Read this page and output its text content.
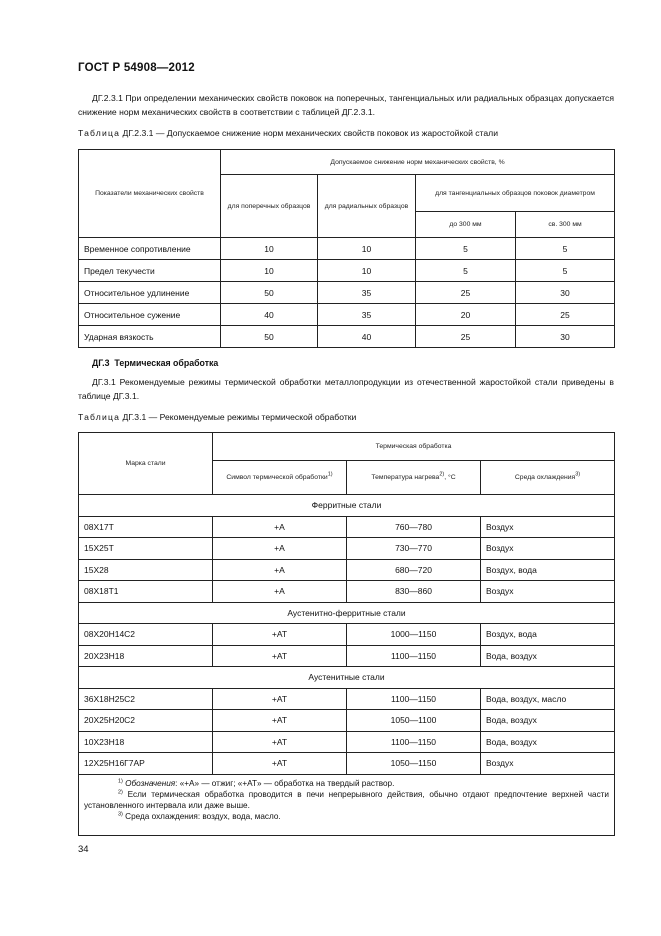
ГОСТ Р 54908—2012
ДГ.2.3.1 При определении механических свойств поковок на поперечных, тангенциальных или радиальных образцах допускается снижение норм механических свойств в соответствии с таблицей ДГ.2.3.1.
Таблица ДГ.2.3.1 — Допускаемое снижение норм механических свойств поковок из жаростойкой стали
Показатели механических свойств	Допускаемое снижение норм механических свойств, %			
	для поперечных образцов	для радиальных образцов	для тангенциальных образцов поковок диаметром	
			до 300 мм	св. 300 мм
Временное сопротивление	10	10	5	5
Предел текучести	10	10	5	5
Относительное удлинение	50	35	25	30
Относительное сужение	40	35	20	25
Ударная вязкость	50	40	25	30
ДГ.3 Термическая обработка
ДГ.3.1 Рекомендуемые режимы термической обработки металлопродукции из отечественной жаростойкой стали приведены в таблице ДГ.3.1.
Таблица ДГ.3.1 — Рекомендуемые режимы термической обработки
Марка стали	Термическая обработка		
	Символ термической обработки$^{1)}$	Температура нагрева$^{2)}$, °С	Среда охлаждения$^{3)}$
Ферритные стали			
08Х17Т	+A	760—780	Воздух
15Х25Т	+A	730—770	Воздух
15Х28	+A	680—720	Воздух, вода
08Х18Т1	+A	830—860	Воздух
Аустенитно-ферритные стали			
08Х20Н14С2	+AT	1000—1150	Воздух, вода
20Х23Н18	+AT	1100—1150	Вода, воздух
Аустенитные стали			
36Х18Н25С2	+AT	1100—1150	Вода, воздух, масло
20Х25Н20С2	+AT	1050—1100	Вода, воздух
10Х23Н18	+AT	1100—1150	Вода, воздух
12Х25Н16Г7АР	+AT	1050—1150	Воздух

$^{1)}$ Обозначения: «+A» — отжиг; «+AT» — обработка на твердый раствор.
$^{2)}$ Если термическая обработка проводится в печи непрерывного действия, обычно отдают предпочтение верхней части установленного интервала или даже выше.
$^{3)}$ Среда охлаждения: воздух, вода, масло.			
34
